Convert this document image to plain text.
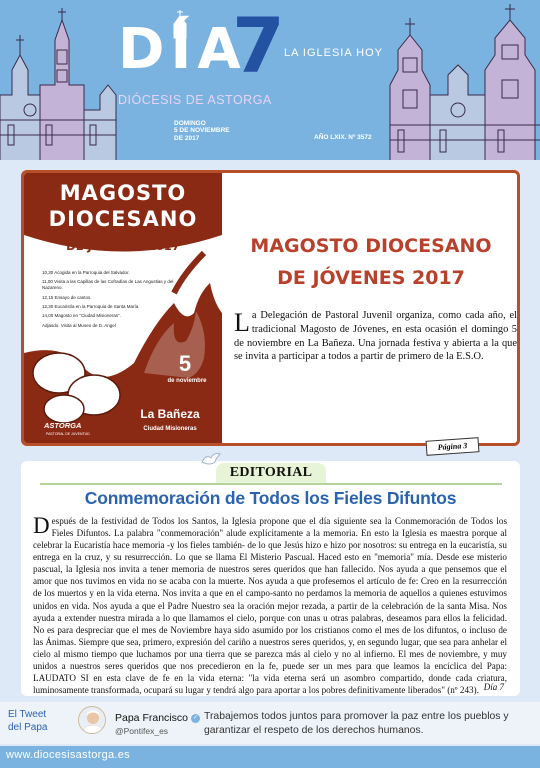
DÍA
7 LA IGLESIA HOY
DIÓCESIS DE ASTORGA
DOMINGO
5 DE NOVIEMBRE
DE 2017	AÑO LXIX. Nº 3572
MAGOSTO
DIOCESANO
DE JÓVENES 2017
10,30 Acogida en la Parroquia del Salvador.
11,00 Visita a las Capillas de las Cofradías de Las Angustias y del Nazareno.
12,15 Ensayo de cantos.
12,30 Eucaristía en la Parroquia de Santa María.
14,00 Magosto en "Ciudad Misioneras".
Adjasdo. Visita al Museo de D. Angel
5
de noviembre
La Bañeza
Ciudad Misioneras
ASTORGA
PASTORAL DE JUVENTUD
MAGOSTO DIOCESANO
DE JÓVENES 2017
La Delegación de Pastoral Juvenil organiza, como cada año, el tradicional Magosto de Jóvenes, en esta ocasión el domingo 5 de noviembre en La Bañeza. Una jornada festiva y abierta a la que se invita a participar a todos a partir de primero de la E.S.O.
Página 3
EDITORIAL
Conmemoración de Todos los Fieles Difuntos
Después de la festividad de Todos los Santos, la Iglesia propone que el día siguiente sea la Conmemoración de Todos los Fieles Difuntos. La palabra "conmemoración" alude explícitamente a la memoria. En esto la Iglesia es maestra porque al celebrar la Eucaristía hace memoria -y los fieles también- de lo que Jesús hizo e hizo por nosotros: su entrega en la eucaristía, su entrega en la cruz, y su resurrección. Lo que se llama El Misterio Pascual. Haced esto en "memoria" mía. Desde ese misterio pascual, la Iglesia nos invita a tener memoria de nuestros seres queridos que han fallecido. Nos ayuda a que pensemos que el amor que nos tuvimos en vida no se acaba con la muerte. Nos ayuda a que profesemos el artículo de fe: Creo en la resurrección de los muertos y en la vida eterna. Nos invita a que en el campo-santo no perdamos la memoria de aquellos a quienes estuvimos unidos en vida. Nos ayuda a que el Padre Nuestro sea la oración mejor rezada, a partir de la celebración de la santa Misa. Nos ayuda a extender nuestra mirada a lo que llamamos el cielo, porque con unas u otras palabras, deseamos para ellos la felicidad. No es para despreciar que el mes de Noviembre haya sido asumido por los cristianos como el mes de los difuntos, o incluso de las Ánimas. Siempre que sea, primero, expresión del cariño a nuestros seres queridos, y, en segundo lugar, que sea para anhelar el cielo al mismo tiempo que luchamos por una tierra que se parezca más al cielo y no al infierno. El mes de noviembre, y muy unidos a nuestros seres queridos que nos precedieron en la fe, puede ser un mes para que leamos la encíclica del Papa: LAUDATO SI en esta clave de fe en la vida eterna: "la vida eterna será un asombro compartido, donde cada criatura, luminosamente transformada, ocupará su lugar y tendrá algo para aportar a los pobres definitivamente liberados" (nº 243). Día 7
El Tweet
del Papa
Papa Francisco ✓
@Pontifex_es
Trabajemos todos juntos para promover la paz entre los pueblos y garantizar el respeto de los derechos humanos.
www.diocesisastorga.es
